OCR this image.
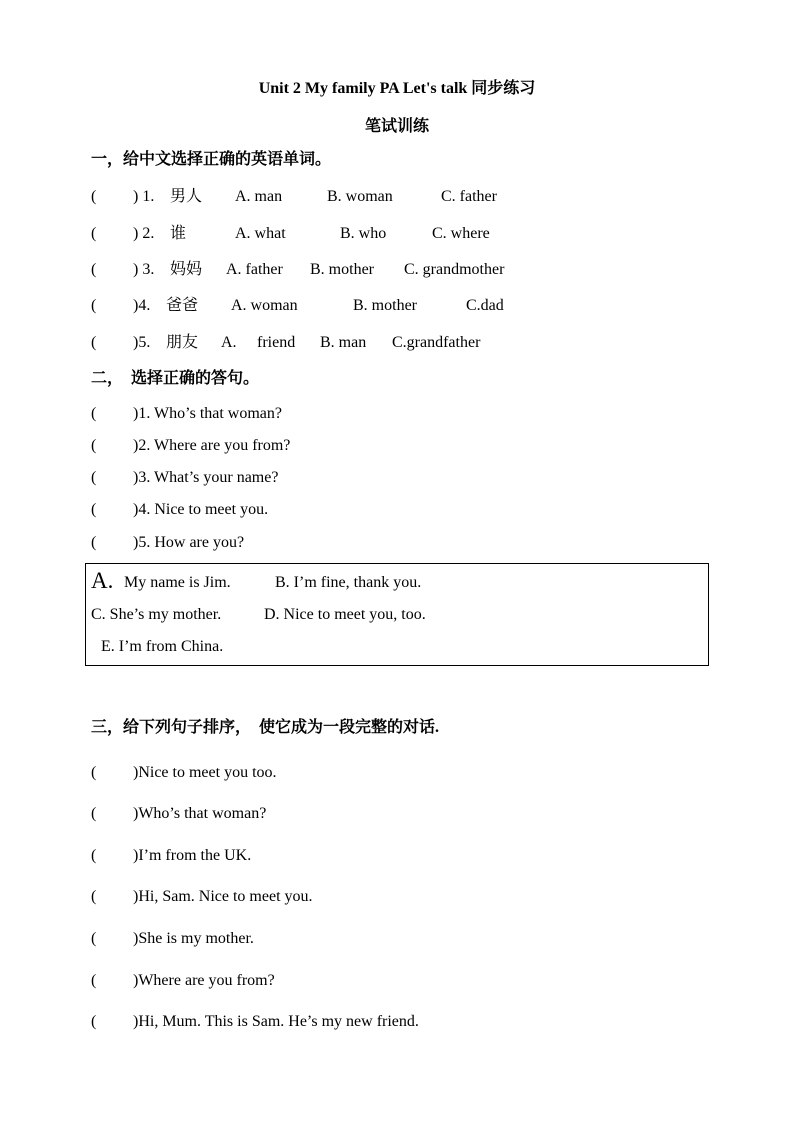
Unit 2 My family PA Let's talk 同步练习
笔试训练
一，给中文选择正确的英语单词。
( ) 1. 男人 A. man	B. woman	C. father
( ) 2. 谁	A. what	B. who	C. where
( ) 3. 妈妈 A. father B. mother C. grandmother
( )4. 爸爸 A. woman	B. mother	C.dad
( )5. 朋友 A. friend B. man C.grandfather
二，  选择正确的答句。
( )1. Who’s that woman?
( )2. Where are you from?
( )3. What’s your name?
( )4. Nice to meet you.
( )5. How are you?
A. My name is Jim.	B. I’m fine, thank you.
C. She’s my mother.	D. Nice to meet you, too.
E. I’m from China.
三，给下列句子排序，  使它成为一段完整的对话.
( )Nice to meet you too.
( )Who’s that woman?
( )I’m from the UK.
( )Hi, Sam. Nice to meet you.
( )She is my mother.
( )Where are you from?
( )Hi, Mum. This is Sam. He’s my new friend.
